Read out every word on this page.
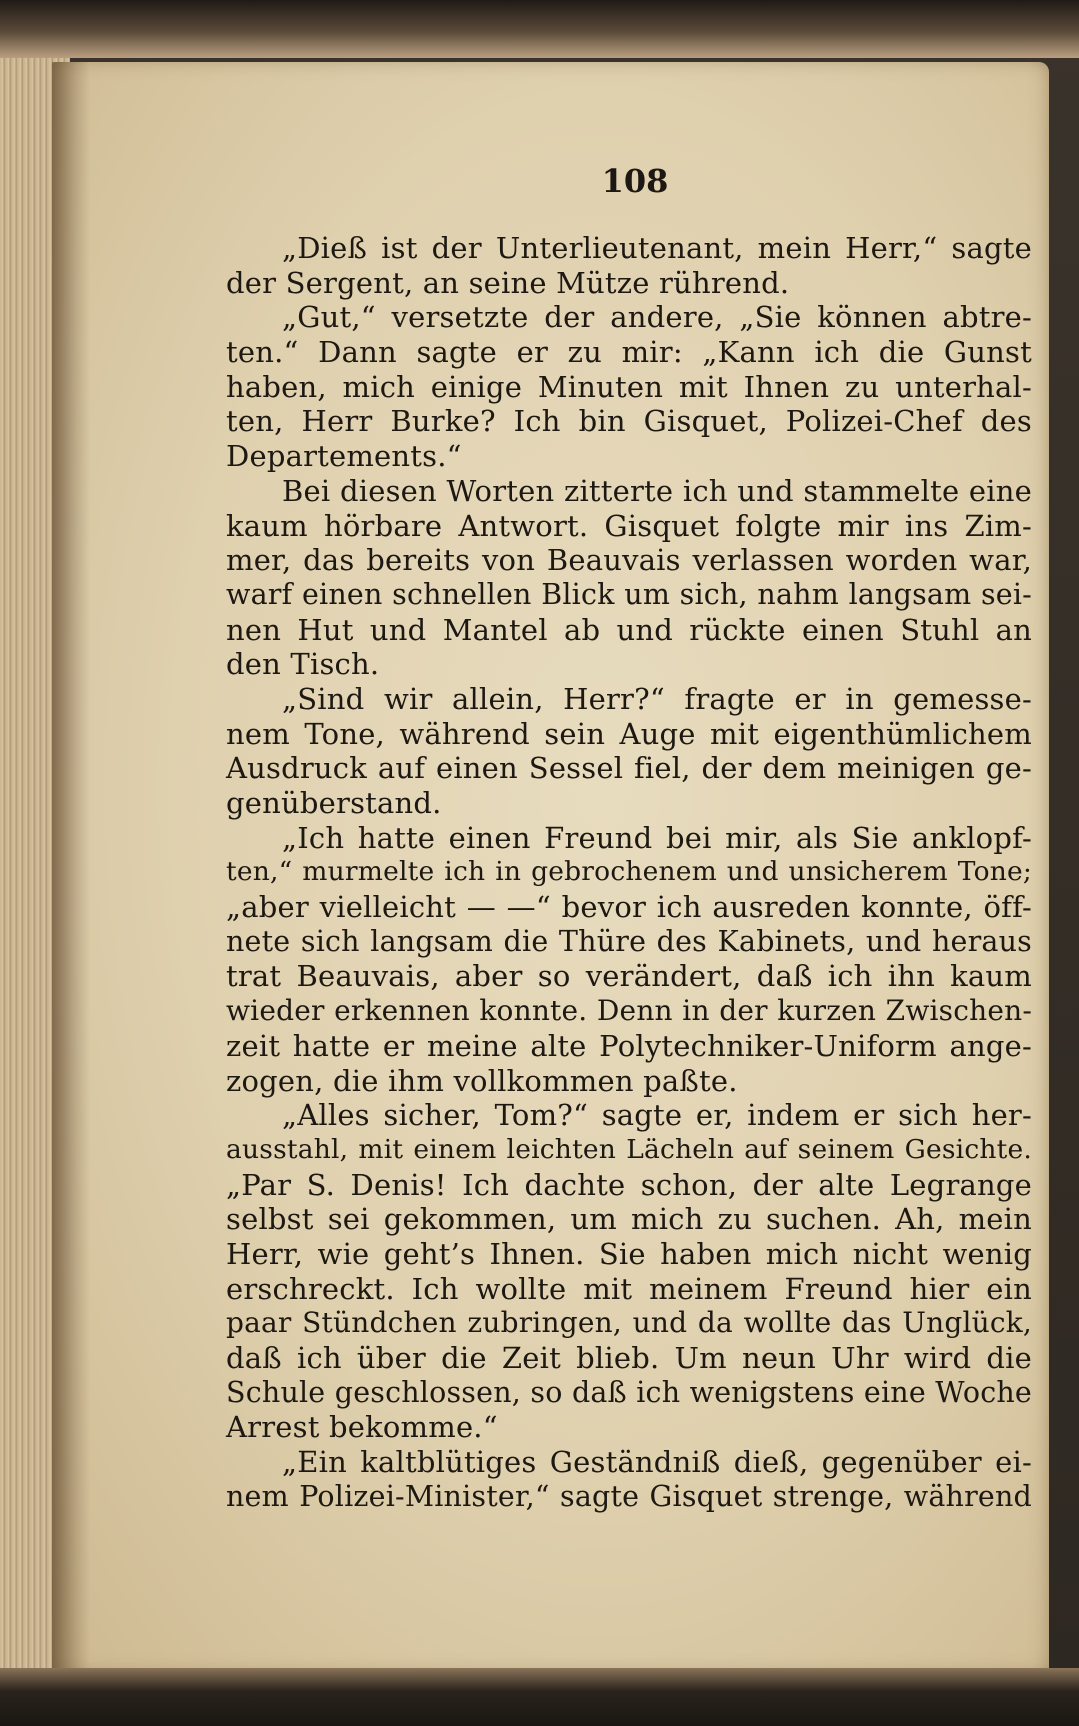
108
„Dieß ist der Unterlieutenant, mein Herr,“ sagte
der Sergent, an seine Mütze rührend.
„Gut,“ versetzte der andere, „Sie können abtre-
ten.“ Dann sagte er zu mir: „Kann ich die Gunst
haben, mich einige Minuten mit Ihnen zu unterhal-
ten, Herr Burke? Ich bin Gisquet, Polizei-Chef des
Departements.“
Bei diesen Worten zitterte ich und stammelte eine
kaum hörbare Antwort. Gisquet folgte mir ins Zim-
mer, das bereits von Beauvais verlassen worden war,
warf einen schnellen Blick um sich, nahm langsam sei-
nen Hut und Mantel ab und rückte einen Stuhl an
den Tisch.
„Sind wir allein, Herr?“ fragte er in gemesse-
nem Tone, während sein Auge mit eigenthümlichem
Ausdruck auf einen Sessel fiel, der dem meinigen ge-
genüberstand.
„Ich hatte einen Freund bei mir, als Sie anklopf-
ten,“ murmelte ich in gebrochenem und unsicherem Tone;
„aber vielleicht — —“ bevor ich ausreden konnte, öff-
nete sich langsam die Thüre des Kabinets, und heraus
trat Beauvais, aber so verändert, daß ich ihn kaum
wieder erkennen konnte. Denn in der kurzen Zwischen-
zeit hatte er meine alte Polytechniker-Uniform ange-
zogen, die ihm vollkommen paßte.
„Alles sicher, Tom?“ sagte er, indem er sich her-
ausstahl, mit einem leichten Lächeln auf seinem Gesichte.
„Par S. Denis! Ich dachte schon, der alte Legrange
selbst sei gekommen, um mich zu suchen. Ah, mein
Herr, wie geht’s Ihnen. Sie haben mich nicht wenig
erschreckt. Ich wollte mit meinem Freund hier ein
paar Stündchen zubringen, und da wollte das Unglück,
daß ich über die Zeit blieb. Um neun Uhr wird die
Schule geschlossen, so daß ich wenigstens eine Woche
Arrest bekomme.“
„Ein kaltblütiges Geständniß dieß, gegenüber ei-
nem Polizei-Minister,“ sagte Gisquet strenge, während
